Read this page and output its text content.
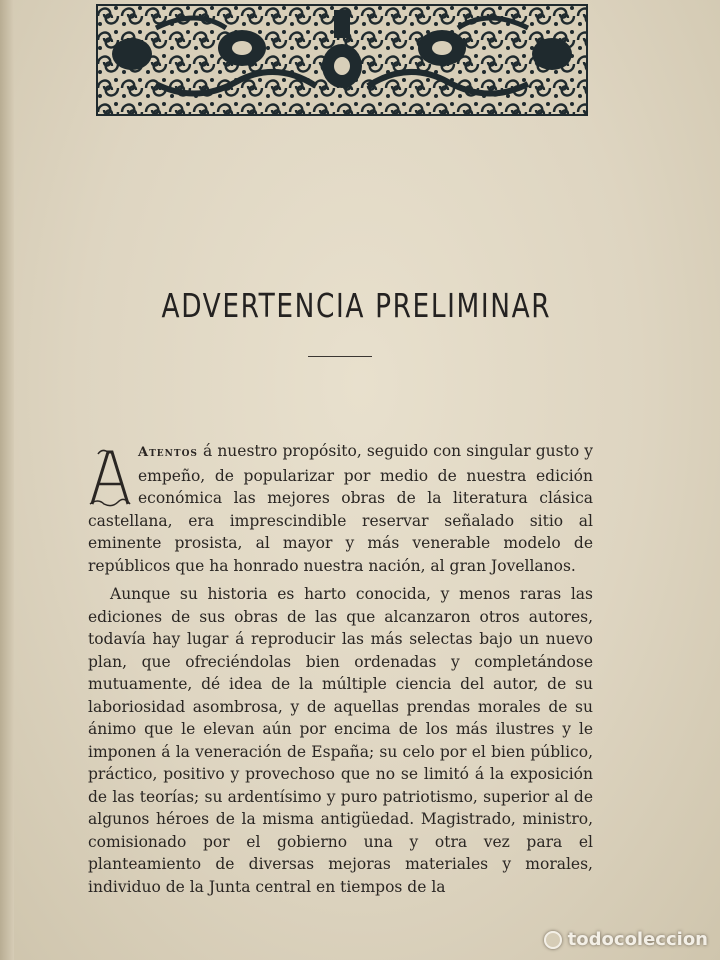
ADVERTENCIA PRELIMINAR

Atentos á nuestro propósito, seguido con singular gusto y empeño, de popularizar por medio de nuestra edición económica las mejores obras de la literatura clásica castellana, era imprescindible reservar señalado sitio al eminente prosista, al mayor y más venerable modelo de repúblicos que ha honrado nuestra nación, al gran Jovellanos.

Aunque su historia es harto conocida, y menos raras las ediciones de sus obras de las que alcanzaron otros autores, todavía hay lugar á reproducir las más selectas bajo un nuevo plan, que ofreciéndolas bien ordenadas y completándose mutuamente, dé idea de la múltiple ciencia del autor, de su laboriosidad asombrosa, y de aquellas prendas morales de su ánimo que le elevan aún por encima de los más ilustres y le imponen á la veneración de España; su celo por el bien público, práctico, positivo y provechoso que no se limitó á la exposición de las teorías; su ardentísimo y puro patriotismo, superior al de algunos héroes de la misma antigüedad. Magistrado, ministro, comisionado por el gobierno una y otra vez para el planteamiento de diversas mejoras materiales y morales, individuo de la Junta central en tiempos de la

todocoleccion
